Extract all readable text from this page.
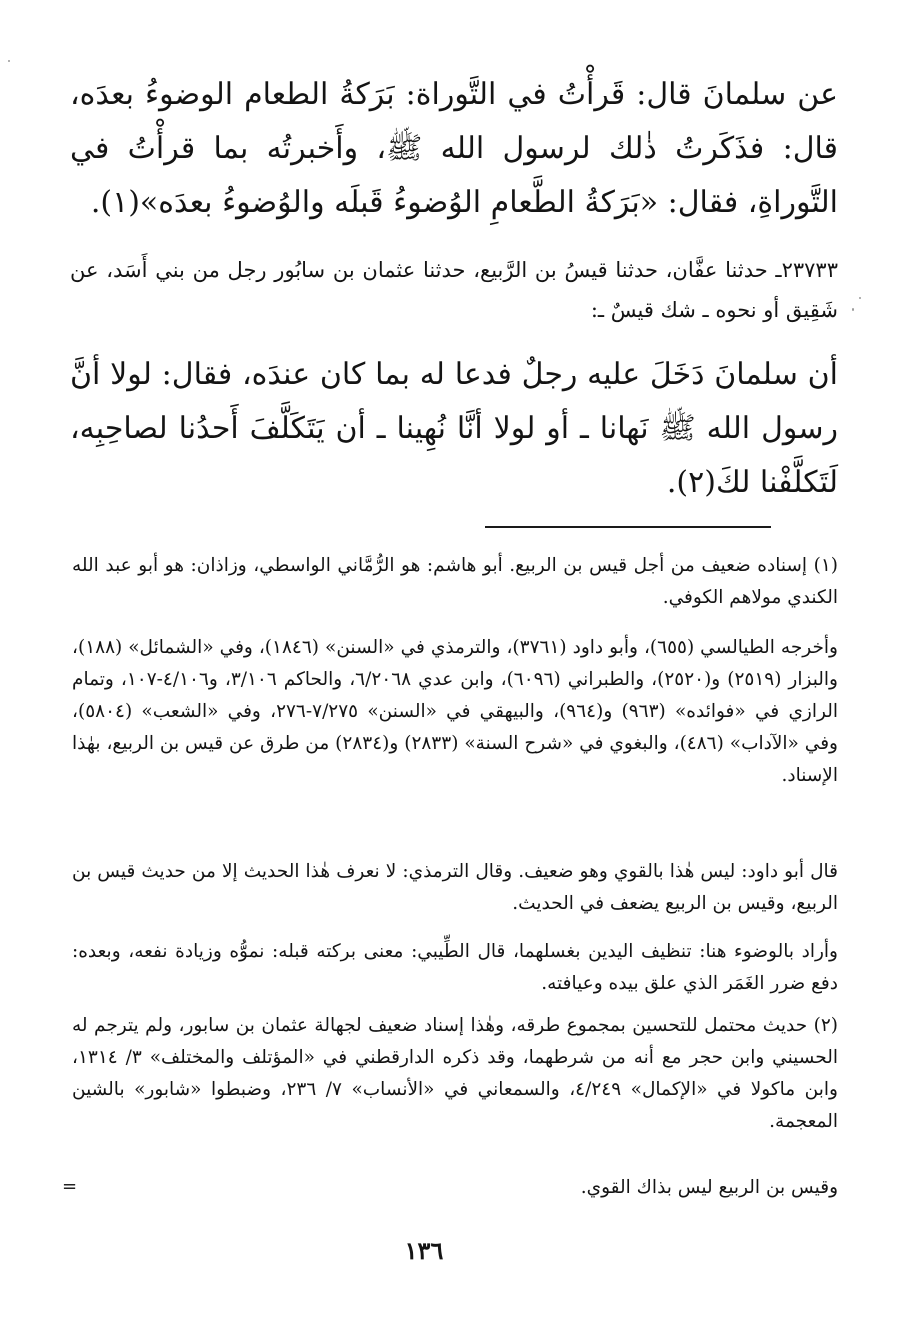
عن سلمانَ قال: قَرأْتُ في التَّوراة: بَرَكةُ الطعام الوضوءُ بعدَه، قال: فذَكَرتُ ذٰلك لرسول الله ﷺ، وأَخبرتُه بما قرأْتُ في التَّوراةِ، فقال: «بَرَكةُ الطَّعامِ الوُضوءُ قَبلَه والوُضوءُ بعدَه»(١).

٢٣٧٣٣ـ حدثنا عفَّان، حدثنا قيسُ بن الرَّبيع، حدثنا عثمان بن سابُور رجل من بني أَسَد، عن شَقِيق أو نحوه ـ شك قيسٌ ـ:

أن سلمانَ دَخَلَ عليه رجلٌ فدعا له بما كان عندَه، فقال: لولا أنَّ رسول الله ﷺ نَهانا ـ أو لولا أنَّا نُهِينا ـ أن يَتَكَلَّفَ أَحدُنا لصاحِبِه، لَتَكلَّفْنا لكَ(٢).

(١) إسناده ضعيف من أجل قيس بن الربيع. أبو هاشم: هو الرُّمَّاني الواسطي، وزاذان: هو أبو عبد الله الكندي مولاهم الكوفي.

وأخرجه الطيالسي (٦٥٥)، وأبو داود (٣٧٦١)، والترمذي في «السنن» (١٨٤٦)، وفي «الشمائل» (١٨٨)، والبزار (٢٥١٩) و(٢٥٢٠)، والطبراني (٦٠٩٦)، وابن عدي ٦/٢٠٦٨، والحاكم ٣/١٠٦، و٤/١٠٦-١٠٧، وتمام الرازي في «فوائده» (٩٦٣) و(٩٦٤)، والبيهقي في «السنن» ٧/٢٧٥-٢٧٦، وفي «الشعب» (٥٨٠٤)، وفي «الآداب» (٤٨٦)، والبغوي في «شرح السنة» (٢٨٣٣) و(٢٨٣٤) من طرق عن قيس بن الربيع، بهٰذا الإسناد.

قال أبو داود: ليس هٰذا بالقوي وهو ضعيف. وقال الترمذي: لا نعرف هٰذا الحديث إلا من حديث قيس بن الربيع، وقيس بن الربيع يضعف في الحديث.

وأراد بالوضوء هنا: تنظيف اليدين بغسلهما، قال الطِّيبي: معنى بركته قبله: نموُّه وزيادة نفعه، وبعده: دفع ضرر الغَمَر الذي علق بيده وعيافته.

(٢) حديث محتمل للتحسين بمجموع طرقه، وهٰذا إسناد ضعيف لجهالة عثمان بن سابور، ولم يترجم له الحسيني وابن حجر مع أنه من شرطهما، وقد ذكره الدارقطني في «المؤتلف والمختلف» ٣/ ١٣١٤، وابن ماكولا في «الإكمال» ٤/٢٤٩، والسمعاني في «الأنساب» ٧/ ٢٣٦، وضبطوا «شابور» بالشين المعجمة.

وقيس بن الربيع ليس بذاك القوي.

=
١٣٦
